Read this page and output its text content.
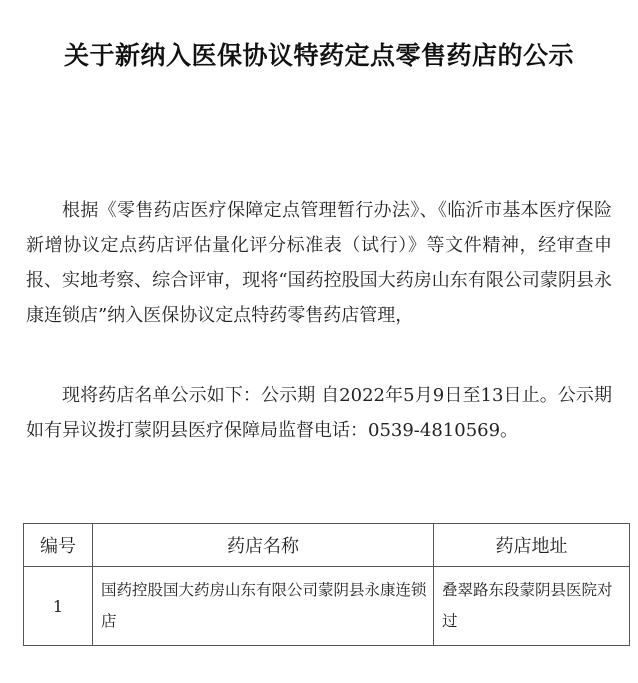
关于新纳入医保协议特药定点零售药店的公示
根据《零售药店医疗保障定点管理暂行办法》、《临沂市基本医疗保险新增协议定点药店评估量化评分标准表（试行）》等文件精神，经审查申报、实地考察、综合评审，现将“国药控股国大药房山东有限公司蒙阴县永康连锁店”纳入医保协议定点特药零售药店管理，
现将药店名单公示如下：公示期 自2022年5月9日至13日止。公示期如有异议拨打蒙阴县医疗保障局监督电话：0539-4810569。
编号	药店名称	药店地址
1	国药控股国大药房山东有限公司蒙阴县永康连锁店	叠翠路东段蒙阴县医院对过
